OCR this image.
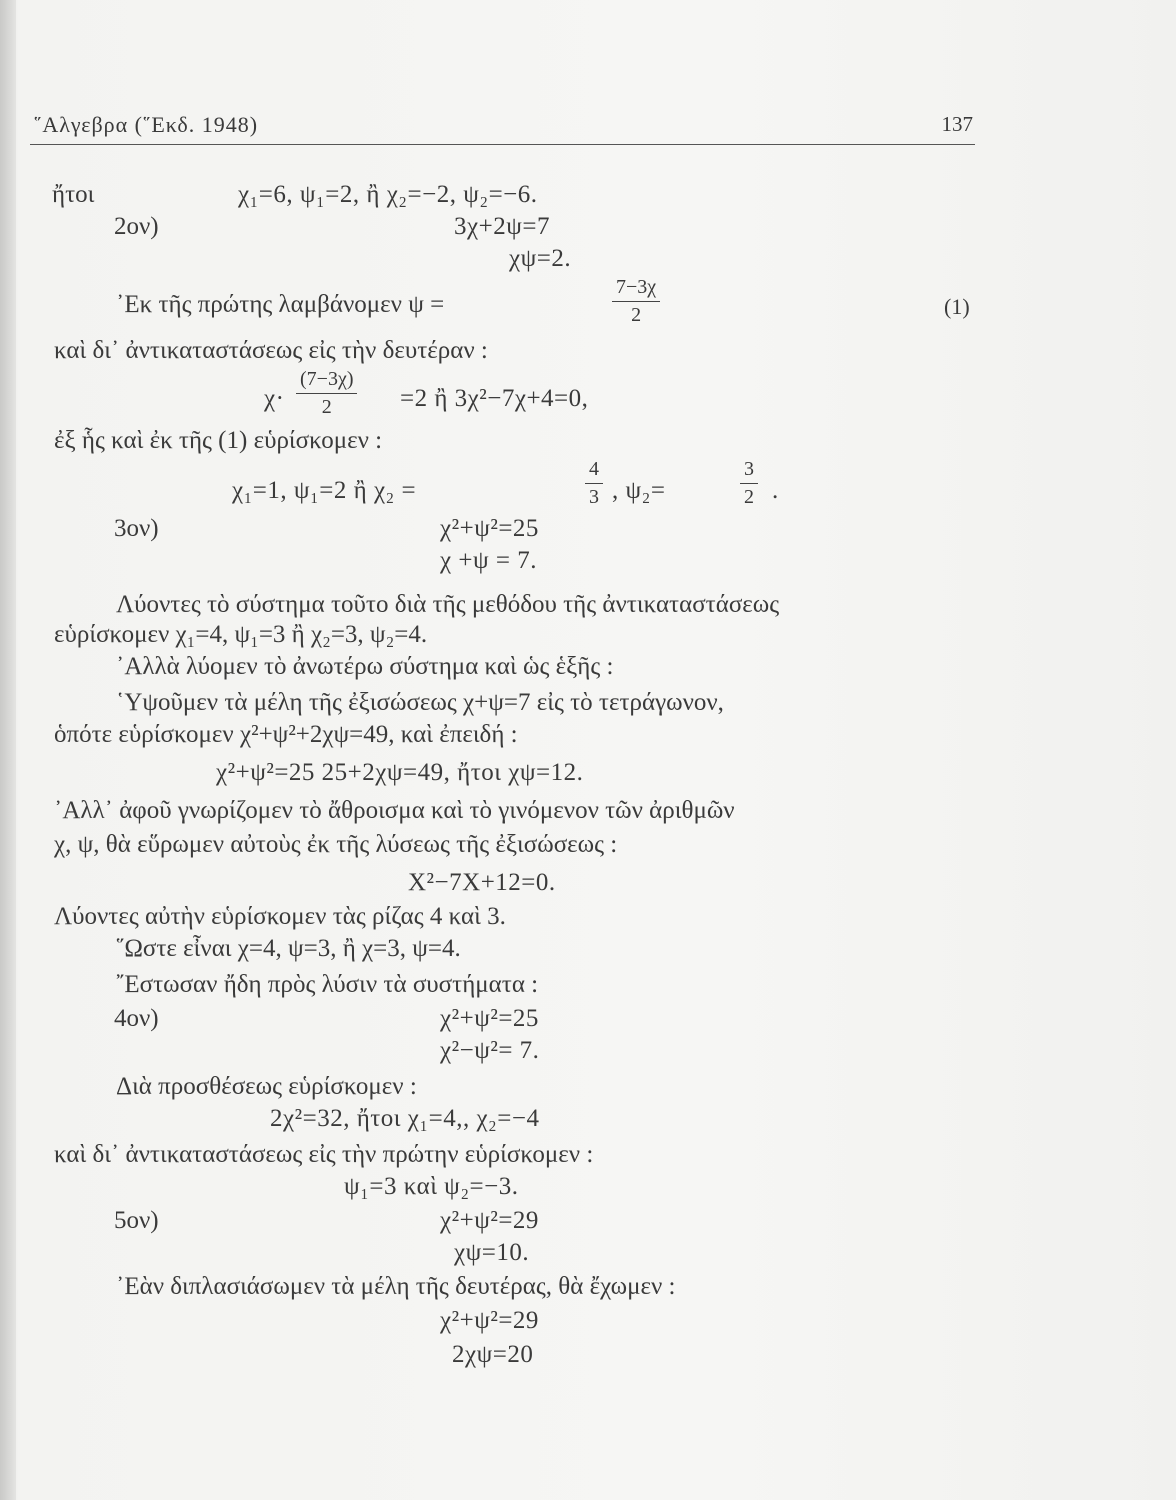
῞Αλγεβρα (῞Εκδ. 1948)	137
ἤτοι	χ₁=6, ψ₁=2, ἢ χ₂=−2, ψ₂=−6.
2ον)	3χ+2ψ=7
χψ=2.
᾿Εκ τῆς πρώτης λαμβάνομεν ψ =	$\frac{7-3\chi}{2}$	(1)
καὶ δι᾿ ἀντικαταστάσεως εἰς τὴν δευτέραν :
$\chi\cdot \frac{(7-3\chi)}{2} =2$ ἢ 3χ²−7χ+4=0,
ἐξ ἧς καὶ ἐκ τῆς (1) εὑρίσκομεν :
χ₁=1, ψ₁=2 ἢ χ₂ =	$\frac{4}{3}$ , ψ₂=	$\frac{3}{2}$ .
3ον)	χ²+ψ²=25
χ +ψ = 7.
Λύοντες τὸ σύστημα τοῦτο διὰ τῆς μεθόδου τῆς ἀντικαταστάσεως
εὑρίσκομεν χ₁=4, ψ₁=3 ἢ χ₂=3, ψ₂=4.
᾿Αλλὰ λύομεν τὸ ἀνωτέρω σύστημα καὶ ὡς ἑξῆς :
῾Υψοῦμεν τὰ μέλη τῆς ἐξισώσεως χ+ψ=7 εἰς τὸ τετράγωνον,
ὁπότε εὑρίσκομεν χ²+ψ²+2χψ=49, καὶ ἐπειδή :
χ²+ψ²=25 25+2χψ=49, ἤτοι χψ=12.
᾿Αλλ᾿ ἀφοῦ γνωρίζομεν τὸ ἄθροισμα καὶ τὸ γινόμενον τῶν ἀριθμῶν
χ, ψ, θὰ εὕρωμεν αὐτοὺς ἐκ τῆς λύσεως τῆς ἐξισώσεως :
Χ²−7Χ+12=0.
Λύοντες αὐτὴν εὑρίσκομεν τὰς ρίζας 4 καὶ 3.
῞Ωστε εἶναι χ=4, ψ=3, ἢ χ=3, ψ=4.
῎Εστωσαν ἤδη πρὸς λύσιν τὰ συστήματα :
4ον)	χ²+ψ²=25
χ²−ψ²= 7.
Διὰ προσθέσεως εὑρίσκομεν :
2χ²=32, ἤτοι χ₁=4,, χ₂=−4
καὶ δι᾿ ἀντικαταστάσεως εἰς τὴν πρώτην εὑρίσκομεν :
ψ₁=3 καὶ ψ₂=−3.
5ον)	χ²+ψ²=29
χψ=10.
᾿Εὰν διπλασιάσωμεν τὰ μέλη τῆς δευτέρας, θὰ ἔχωμεν :
χ²+ψ²=29
2χψ=20
